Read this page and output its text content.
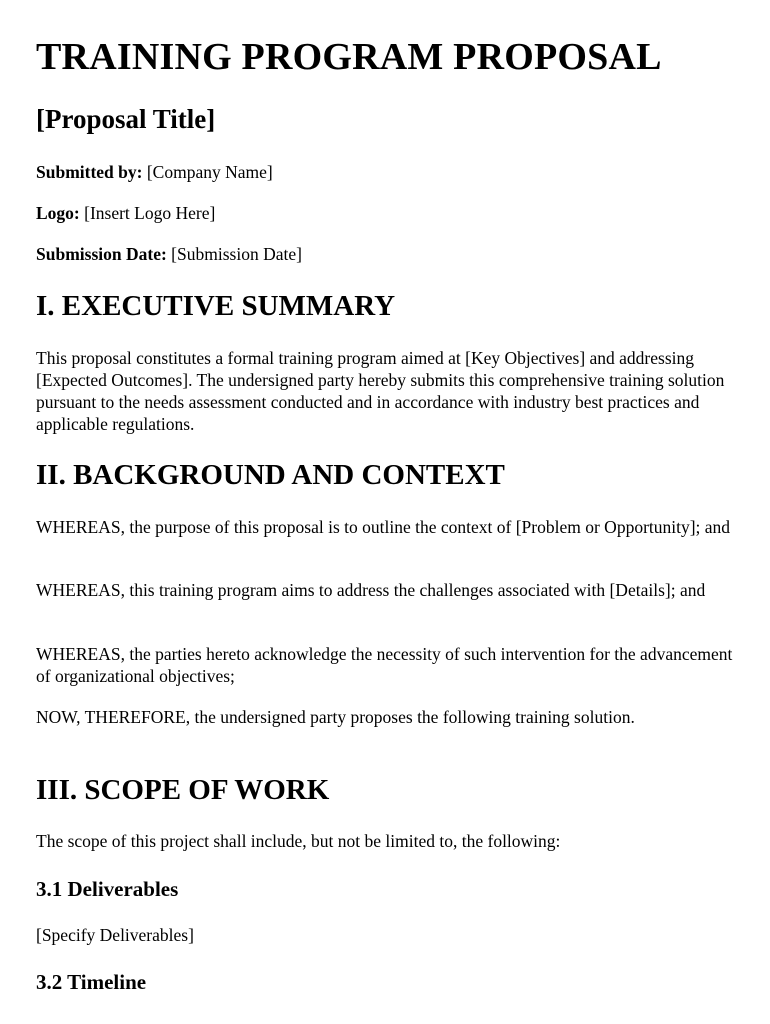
TRAINING PROGRAM PROPOSAL
[Proposal Title]

Submitted by: [Company Name]

Logo: [Insert Logo Here]

Submission Date: [Submission Date]

I. EXECUTIVE SUMMARY

This proposal constitutes a formal training program aimed at [Key Objectives] and addressing [Expected Outcomes]. The undersigned party hereby submits this comprehensive training solution pursuant to the needs assessment conducted and in accordance with industry best practices and applicable regulations.

II. BACKGROUND AND CONTEXT

WHEREAS, the purpose of this proposal is to outline the context of [Problem or Opportunity]; and

WHEREAS, this training program aims to address the challenges associated with [Details]; and

WHEREAS, the parties hereto acknowledge the necessity of such intervention for the advancement of organizational objectives;

NOW, THEREFORE, the undersigned party proposes the following training solution.

III. SCOPE OF WORK

The scope of this project shall include, but not be limited to, the following:

3.1 Deliverables

[Specify Deliverables]

3.2 Timeline
